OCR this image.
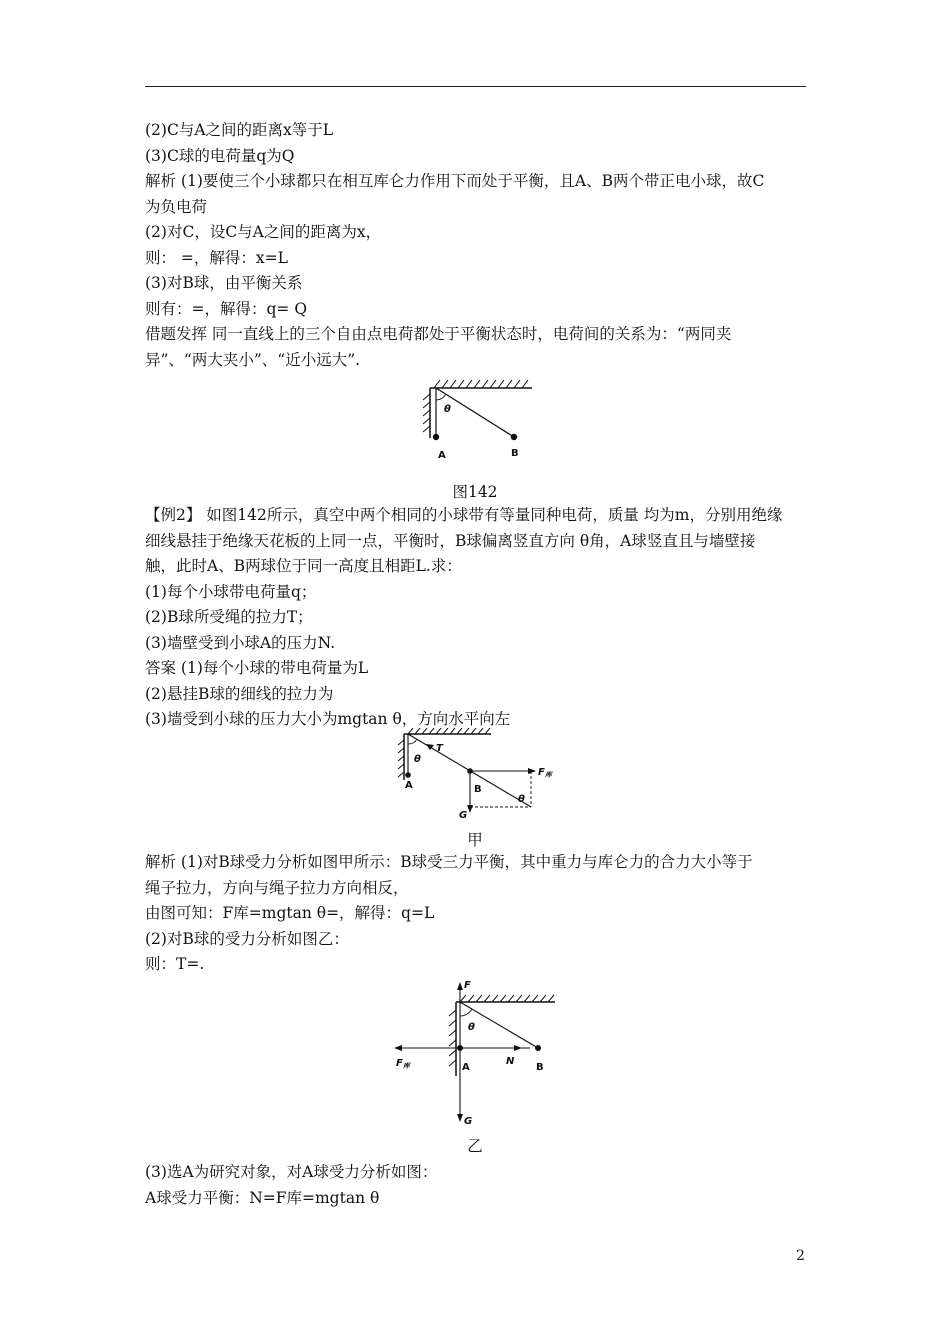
(2)C与A之间的距离x等于L

(3)C球的电荷量q为Q

解析 (1)要使三个小球都只在相互库仑力作用下而处于平衡，且A、B两个带正电小球，故C

为负电荷

(2)对C，设C与A之间的距离为x，

则： =，解得：x=L

(3)对B球，由平衡关系

则有：=，解得：q= Q

借题发挥 同一直线上的三个自由点电荷都处于平衡状态时，电荷间的关系为：“两同夹

异”、“两大夹小”、“近小远大”.

θ
A	B
图142

【例2】 如图142所示，真空中两个相同的小球带有等量同种电荷，质量 均为m，分别用绝缘

细线悬挂于绝缘天花板的上同一点，平衡时，B球偏离竖直方向 θ角，A球竖直且与墙壁接

触，此时A、B两球位于同一高度且相距L.求：

(1)每个小球带电荷量q；

(2)B球所受绳的拉力T；

(3)墙壁受到小球A的压力N.

答案 (1)每个小球的带电荷量为L

(2)悬挂B球的细线的拉力为

(3)墙受到小球的压力大小为mgtan θ，方向水平向左

T
θ
$F_库$
A	B
θ
G
甲

解析 (1)对B球受力分析如图甲所示：B球受三力平衡，其中重力与库仑力的合力大小等于

绳子拉力，方向与绳子拉力方向相反，

由图可知：F库=mgtan θ=，解得：q=L

(2)对B球的受力分析如图乙：

则：T=.

F
θ
$F_库$	A
N
B
G
乙

(3)选A为研究对象，对A球受力分析如图：

A球受力平衡：N=F库=mgtan θ

2
